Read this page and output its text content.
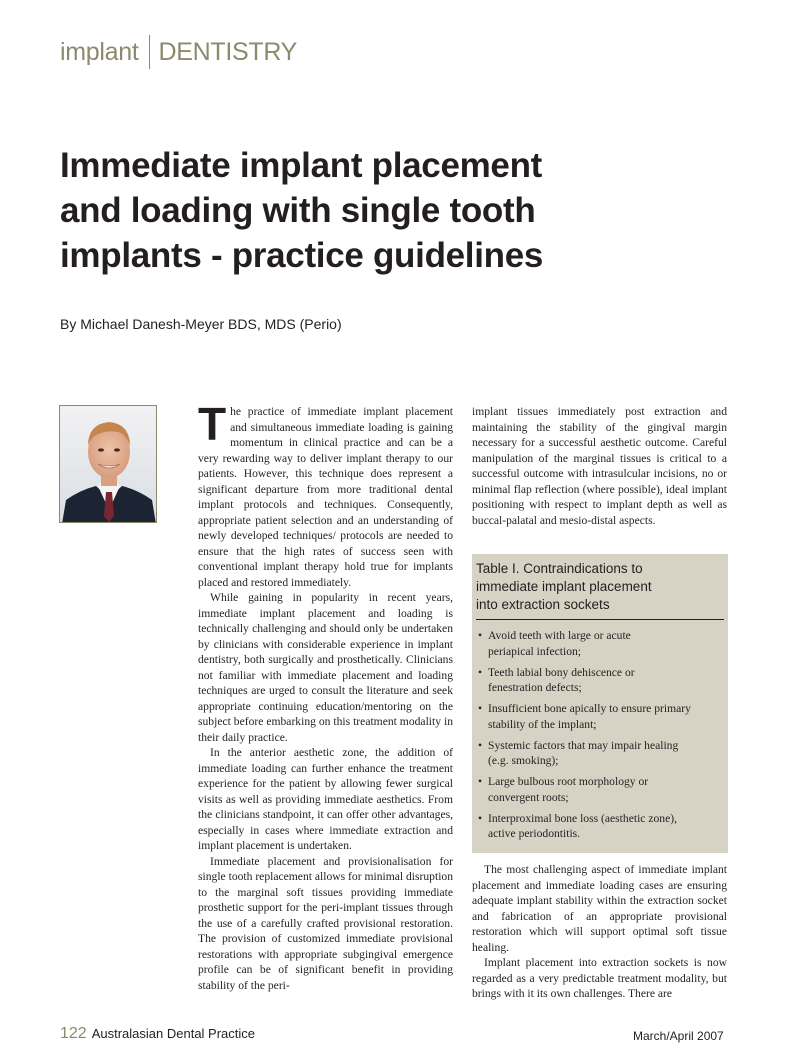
implant DENTISTRY
Immediate implant placement
and loading with single tooth
implants - practice guidelines
By Michael Danesh-Meyer BDS, MDS (Perio)

The practice of immediate implant placement and simultaneous immediate loading is gaining momentum in clinical practice and can be a very rewarding way to deliver implant therapy to our patients. However, this technique does represent a significant departure from more traditional dental implant protocols and techniques. Consequently, appropriate patient selection and an understanding of newly developed techniques/ protocols are needed to ensure that the high rates of success seen with conventional implant therapy hold true for implants placed and restored immediately.

While gaining in popularity in recent years, immediate implant placement and loading is technically challenging and should only be undertaken by clinicians with considerable experience in implant dentistry, both surgically and prosthetically. Clinicians not familiar with immediate placement and loading techniques are urged to consult the literature and seek appropriate continuing education/mentoring on the subject before embarking on this treatment modality in their daily practice.

In the anterior aesthetic zone, the addition of immediate loading can further enhance the treatment experience for the patient by allowing fewer surgical visits as well as providing immediate aesthetics. From the clinicians standpoint, it can offer other advantages, especially in cases where immediate extraction and implant placement is undertaken.

Immediate placement and provisionalisation for single tooth replacement allows for minimal disruption to the marginal soft tissues providing immediate prosthetic support for the peri-implant tissues through the use of a carefully crafted provisional restoration. The provision of customized immediate provisional restorations with appropriate subgingival emergence profile can be of significant benefit in providing stability of the peri-

implant tissues immediately post extraction and maintaining the stability of the gingival margin necessary for a successful aesthetic outcome. Careful manipulation of the marginal tissues is critical to a successful outcome with intrasulcular incisions, no or minimal flap reflection (where possible), ideal implant positioning with respect to implant depth as well as buccal-palatal and mesio-distal aspects.

Table I. Contraindications to
immediate implant placement
into extraction sockets
• Avoid teeth with large or acute
periapical infection;
• Teeth labial bony dehiscence or
fenestration defects;
• Insufficient bone apically to ensure primary
stability of the implant;
• Systemic factors that may impair healing
(e.g. smoking);
• Large bulbous root morphology or
convergent roots;
• Interproximal bone loss (aesthetic zone),
active periodontitis.

The most challenging aspect of immediate implant placement and immediate loading cases are ensuring adequate implant stability within the extraction socket and fabrication of an appropriate provisional restoration which will support optimal soft tissue healing.

Implant placement into extraction sockets is now regarded as a very predictable treatment modality, but brings with it its own challenges. There are

122 Australasian Dental Practice	March/April 2007
